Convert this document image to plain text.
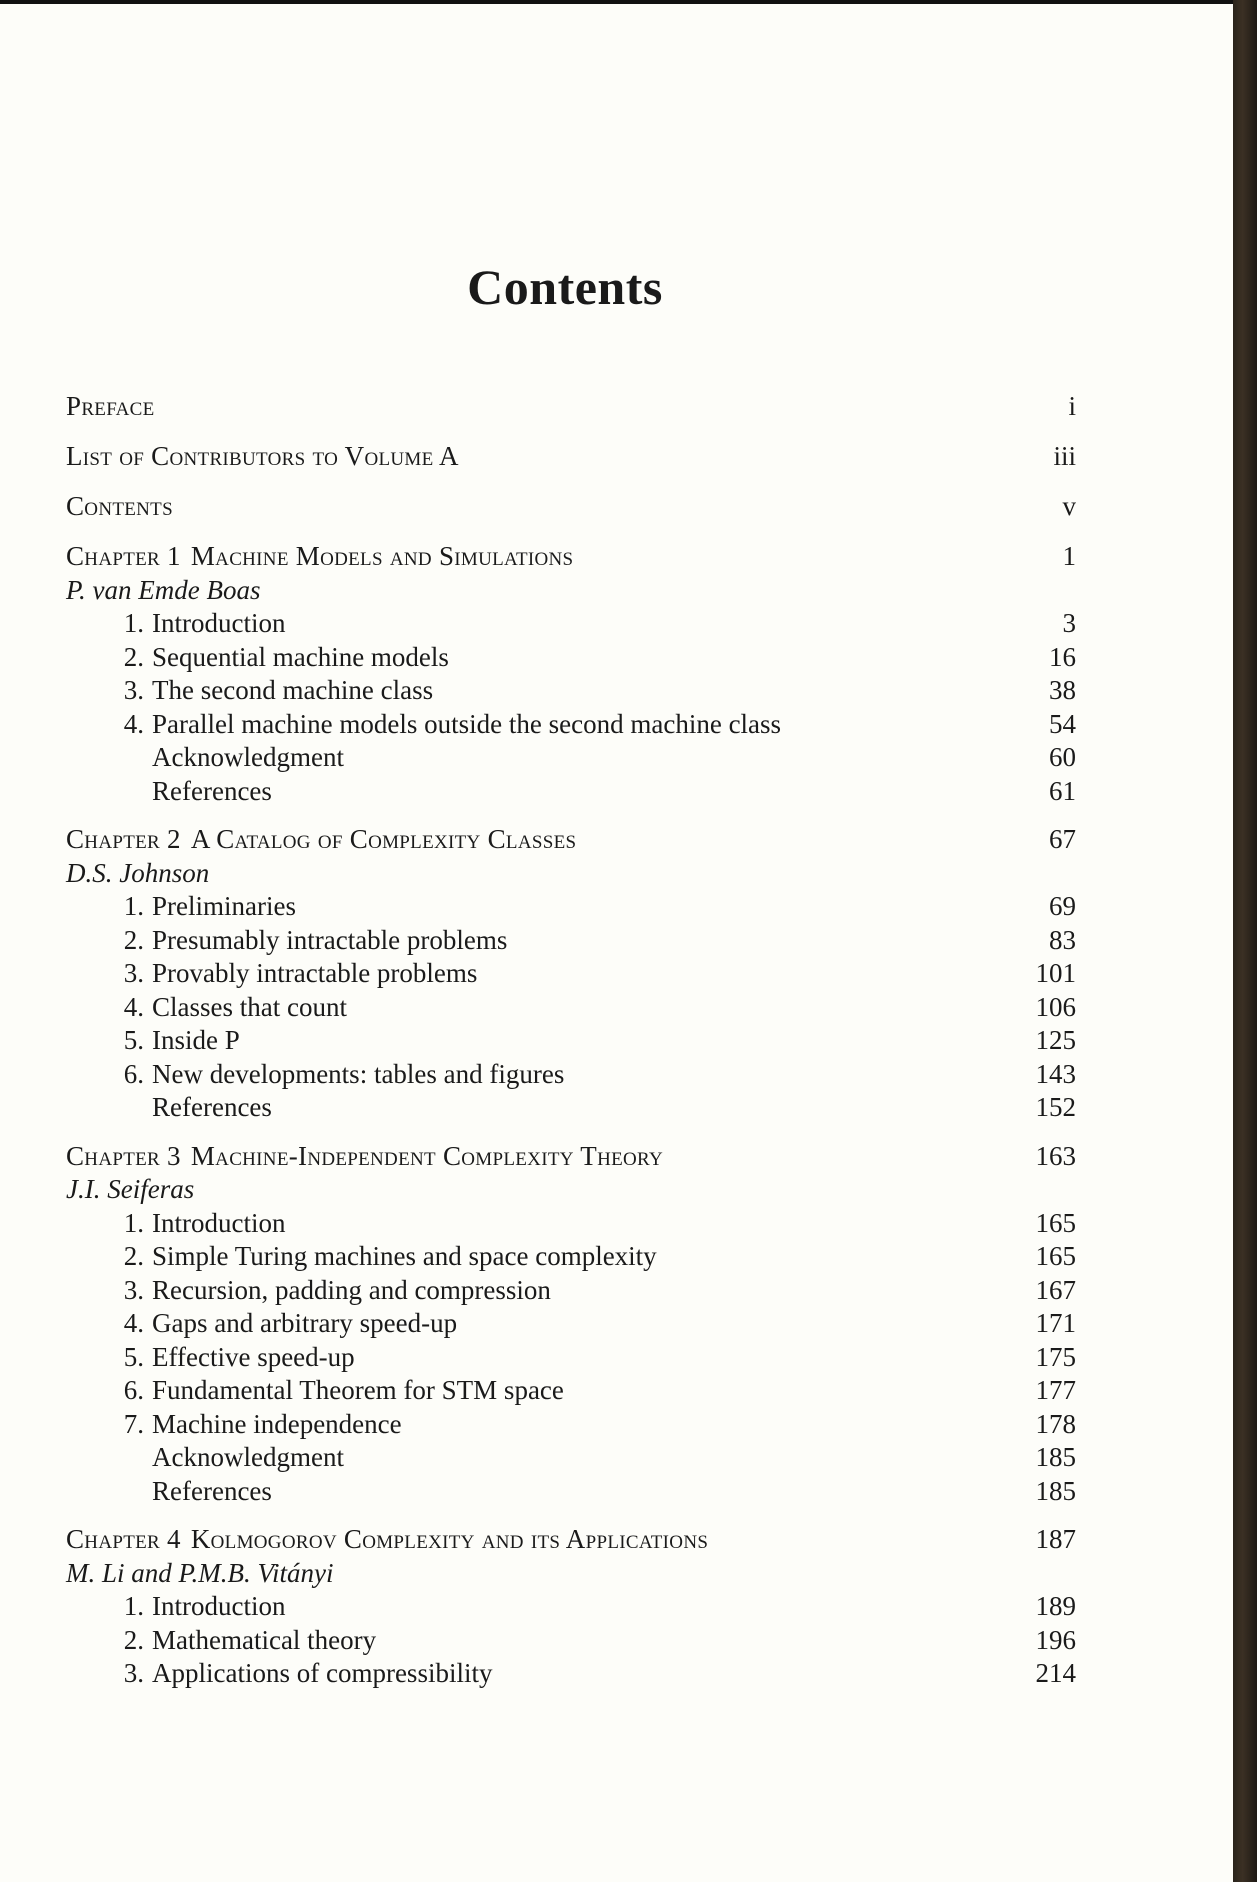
Contents
Preface	i
List of Contributors to Volume A	iii
Contents	v
Chapter 1 Machine Models and Simulations	1
P. van Emde Boas
1. Introduction	3
2. Sequential machine models	16
3. The second machine class	38
4. Parallel machine models outside the second machine class	54
Acknowledgment	60
References	61
Chapter 2 A Catalog of Complexity Classes	67
D.S. Johnson
1. Preliminaries	69
2. Presumably intractable problems	83
3. Provably intractable problems	101
4. Classes that count	106
5. Inside P	125
6. New developments: tables and figures	143
References	152
Chapter 3 Machine-Independent Complexity Theory	163
J.I. Seiferas
1. Introduction	165
2. Simple Turing machines and space complexity	165
3. Recursion, padding and compression	167
4. Gaps and arbitrary speed-up	171
5. Effective speed-up	175
6. Fundamental Theorem for STM space	177
7. Machine independence	178
Acknowledgment	185
References	185
Chapter 4 Kolmogorov Complexity and its Applications	187
M. Li and P.M.B. Vitányi
1. Introduction	189
2. Mathematical theory	196
3. Applications of compressibility	214
